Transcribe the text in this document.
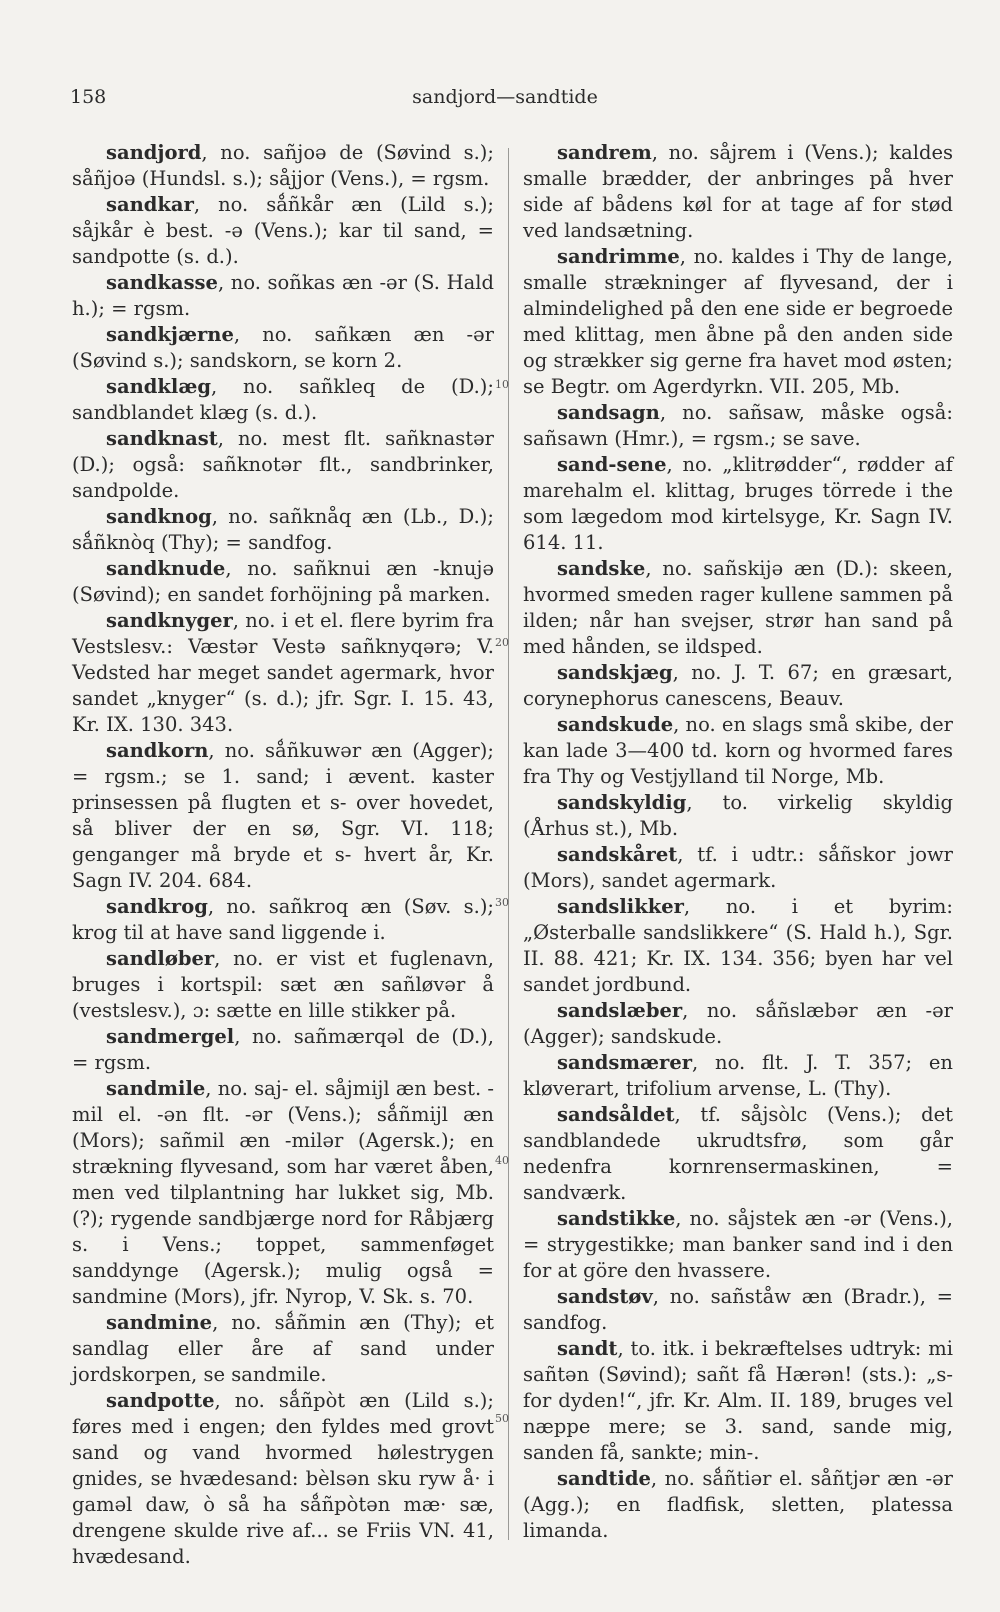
158	sandjord—sandtide

sandjord, no. sañjoə de (Søvind s.); såñjoə (Hundsl. s.); såjjor (Vens.), = rgsm.

sandkar, no. sǻñkår æn (Lild s.); såjkår è best. -ə (Vens.); kar til sand, = sandpotte (s. d.).

sandkasse, no. soñkas æn -ər (S. Hald h.); = rgsm.

sandkjærne, no. sañkæn æn -ər (Søvind s.); sandskorn, se korn 2.

sandklæg, no. sañkleq de (D.); sandblandet klæg (s. d.).

sandknast, no. mest flt. sañknastər (D.); også: sañknotər flt., sandbrinker, sandpolde.

sandknog, no. sañknåq æn (Lb., D.); sǻñknòq (Thy); = sandfog.

sandknude, no. sañknui æn -knujə (Søvind); en sandet forhöjning på marken.

sandknyger, no. i et el. flere byrim fra Vestslesv.: Væstər Vestə sañknyqərə; V. Vedsted har meget sandet agermark, hvor sandet „knyger“ (s. d.); jfr. Sgr. I. 15. 43, Kr. IX. 130. 343.

sandkorn, no. sǻñkuwər æn (Agger); = rgsm.; se 1. sand; i ævent. kaster prinsessen på flugten et s- over hovedet, så bliver der en sø, Sgr. VI. 118; genganger må bryde et s- hvert år, Kr. Sagn IV. 204. 684.

sandkrog, no. sañkroq æn (Søv. s.); krog til at have sand liggende i.

sandløber, no. er vist et fuglenavn, bruges i kortspil: sæt æn sañløvər å (vestslesv.), ɔ: sætte en lille stikker på.

sandmergel, no. sañmærqəl de (D.), = rgsm.

sandmile, no. saj- el. såjmijl æn best. -mil el. -ən flt. -ər (Vens.); sǻñmijl æn (Mors); sañmil æn -milər (Agersk.); en strækning flyvesand, som har været åben, men ved tilplantning har lukket sig, Mb. (?); rygende sandbjærge nord for Råbjærg s. i Vens.; toppet, sammenføget sanddynge (Agersk.); mulig også = sandmine (Mors), jfr. Nyrop, V. Sk. s. 70.

sandmine, no. sǻñmin æn (Thy); et sandlag eller åre af sand under jordskorpen, se sandmile.

sandpotte, no. sǻñpòt æn (Lild s.); føres med i engen; den fyldes med grovt sand og vand hvormed hølestrygen gnides, se hvædesand: bèlsən sku ryw å· i gaməl daw, ò så ha sǻñpòtən mæ· sæ, drengene skulde rive af... se Friis VN. 41, hvædesand.

sandrem, no. såjrem i (Vens.); kaldes smalle brædder, der anbringes på hver side af bådens køl for at tage af for stød ved landsætning.

sandrimme, no. kaldes i Thy de lange, smalle strækninger af flyvesand, der i almindelighed på den ene side er begroede med klittag, men åbne på den anden side og strækker sig gerne fra havet mod østen; se Begtr. om Agerdyrkn. VII. 205, Mb.

sandsagn, no. sañsaw, måske også: sañsawn (Hmr.), = rgsm.; se save.

sand-sene, no. „klitrødder“, rødder af marehalm el. klittag, bruges törrede i the som lægedom mod kirtelsyge, Kr. Sagn IV. 614. 11.

sandske, no. sañskijə æn (D.): skeen, hvormed smeden rager kullene sammen på ilden; når han svejser, strør han sand på med hånden, se ildsped.

sandskjæg, no. J. T. 67; en græsart, corynephorus canescens, Beauv.

sandskude, no. en slags små skibe, der kan lade 3—400 td. korn og hvormed fares fra Thy og Vestjylland til Norge, Mb.

sandskyldig, to. virkelig skyldig (Århus st.), Mb.

sandskåret, tf. i udtr.: sǻñskor jowr (Mors), sandet agermark.

sandslikker, no. i et byrim: „Østerballe sandslikkere“ (S. Hald h.), Sgr. II. 88. 421; Kr. IX. 134. 356; byen har vel sandet jordbund.

sandslæber, no. sǻñslæbər æn -ər (Agger); sandskude.

sandsmærer, no. flt. J. T. 357; en kløverart, trifolium arvense, L. (Thy).

sandsåldet, tf. såjsòlc (Vens.); det sandblandede ukrudtsfrø, som går nedenfra kornrensermaskinen, = sandværk.

sandstikke, no. såjstek æn -ər (Vens.), = strygestikke; man banker sand ind i den for at göre den hvassere.

sandstøv, no. sañståw æn (Bradr.), = sandfog.

sandt, to. itk. i bekræftelses udtryk: mi sañtən (Søvind); sañt få Hærən! (sts.): „s- for dyden!“, jfr. Kr. Alm. II. 189, bruges vel næppe mere; se 3. sand, sande mig, sanden få, sankte; min-.

sandtide, no. sǻñtiər el. såñtjər æn -ər (Agg.); en fladfisk, sletten, platessa limanda.

10
20
30
40
50
